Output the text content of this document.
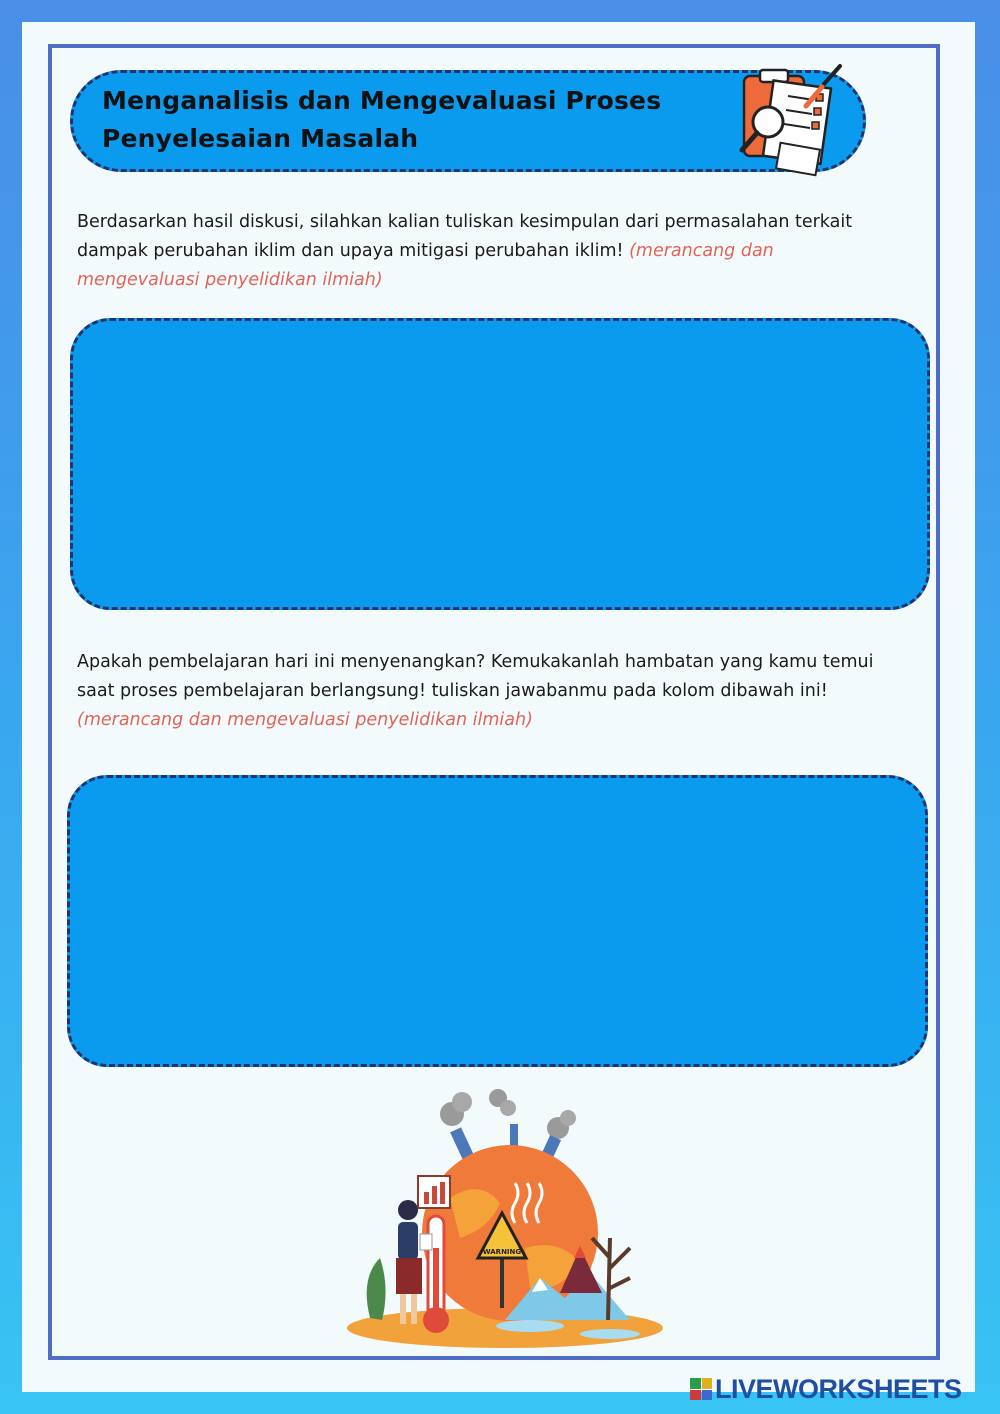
Menganalisis dan Mengevaluasi Proses
Penyelesaian Masalah
Berdasarkan hasil diskusi, silahkan kalian tuliskan kesimpulan dari permasalahan terkait dampak perubahan iklim dan upaya mitigasi perubahan iklim! (merancang dan mengevaluasi penyelidikan ilmiah)
Apakah pembelajaran hari ini menyenangkan? Kemukakanlah hambatan yang kamu temui saat proses pembelajaran berlangsung! tuliskan jawabanmu pada kolom dibawah ini! (merancang dan mengevaluasi penyelidikan ilmiah)
WARNING
LIVEWORKSHEETS
